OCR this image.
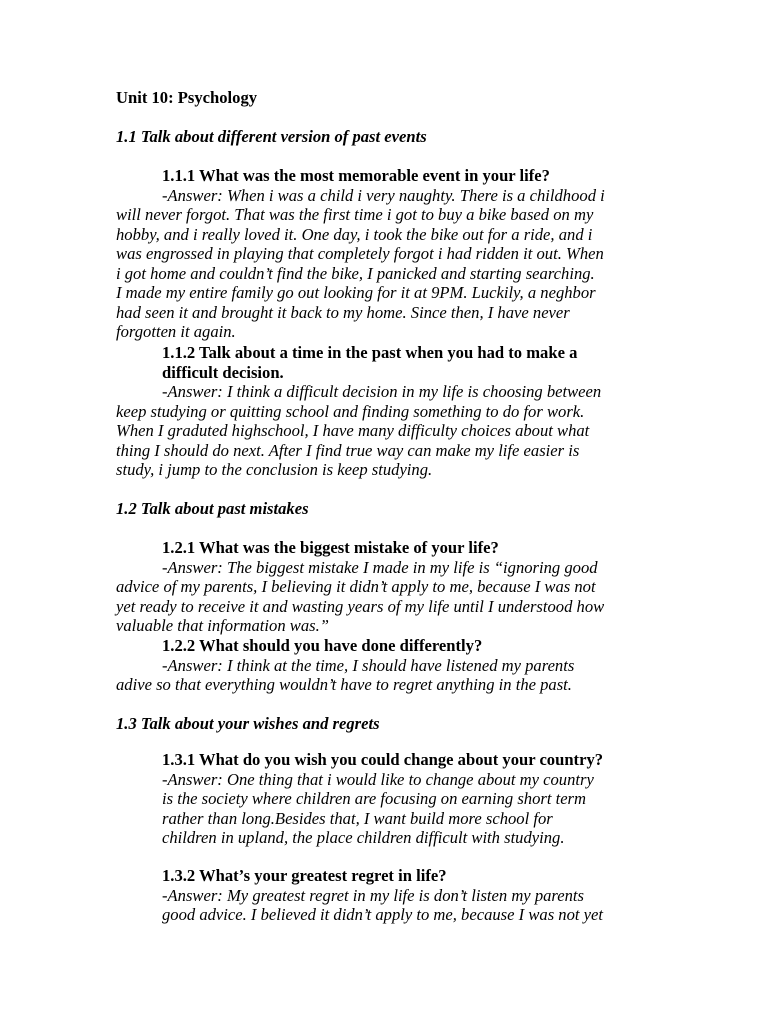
Unit 10: Psychology

1.1 Talk about different version of past events

1.1.1 What was the most memorable event in your life?

-Answer: When i was a child i very naughty. There is a childhood i

will never forgot. That was the first time i got to buy a bike based on my

hobby, and i really loved it. One day, i took the bike out for a ride, and i

was engrossed in playing that completely forgot i had ridden it out. When

i got home and couldn’t find the bike, I panicked and starting searching.

I made my entire family go out looking for it at 9PM. Luckily, a neghbor

had seen it and brought it back to my home. Since then, I have never

forgotten it again.

1.1.2 Talk about a time in the past when you had to make a

difficult decision.

-Answer: I think a difficult decision in my life is choosing between

keep studying or quitting school and finding something to do for work.

When I graduted highschool, I have many difficulty choices about what

thing I should do next. After I find true way can make my life easier is

study, i jump to the conclusion is keep studying.

1.2 Talk about past mistakes

1.2.1 What was the biggest mistake of your life?

-Answer: The biggest mistake I made in my life is “ignoring good

advice of my parents, I believing it didn’t apply to me, because I was not

yet ready to receive it and wasting years of my life until I understood how

valuable that information was.”

1.2.2 What should you have done differently?

-Answer: I think at the time, I should have listened my parents

adive so that everything wouldn’t have to regret anything in the past.

1.3 Talk about your wishes and regrets

1.3.1 What do you wish you could change about your country?

-Answer: One thing that i would like to change about my country

is the society where children are focusing on earning short term

rather than long.Besides that, I want build more school for

children in upland, the place children difficult with studying.

1.3.2 What’s your greatest regret in life?

-Answer: My greatest regret in my life is don’t listen my parents

good advice. I believed it didn’t apply to me, because I was not yet
